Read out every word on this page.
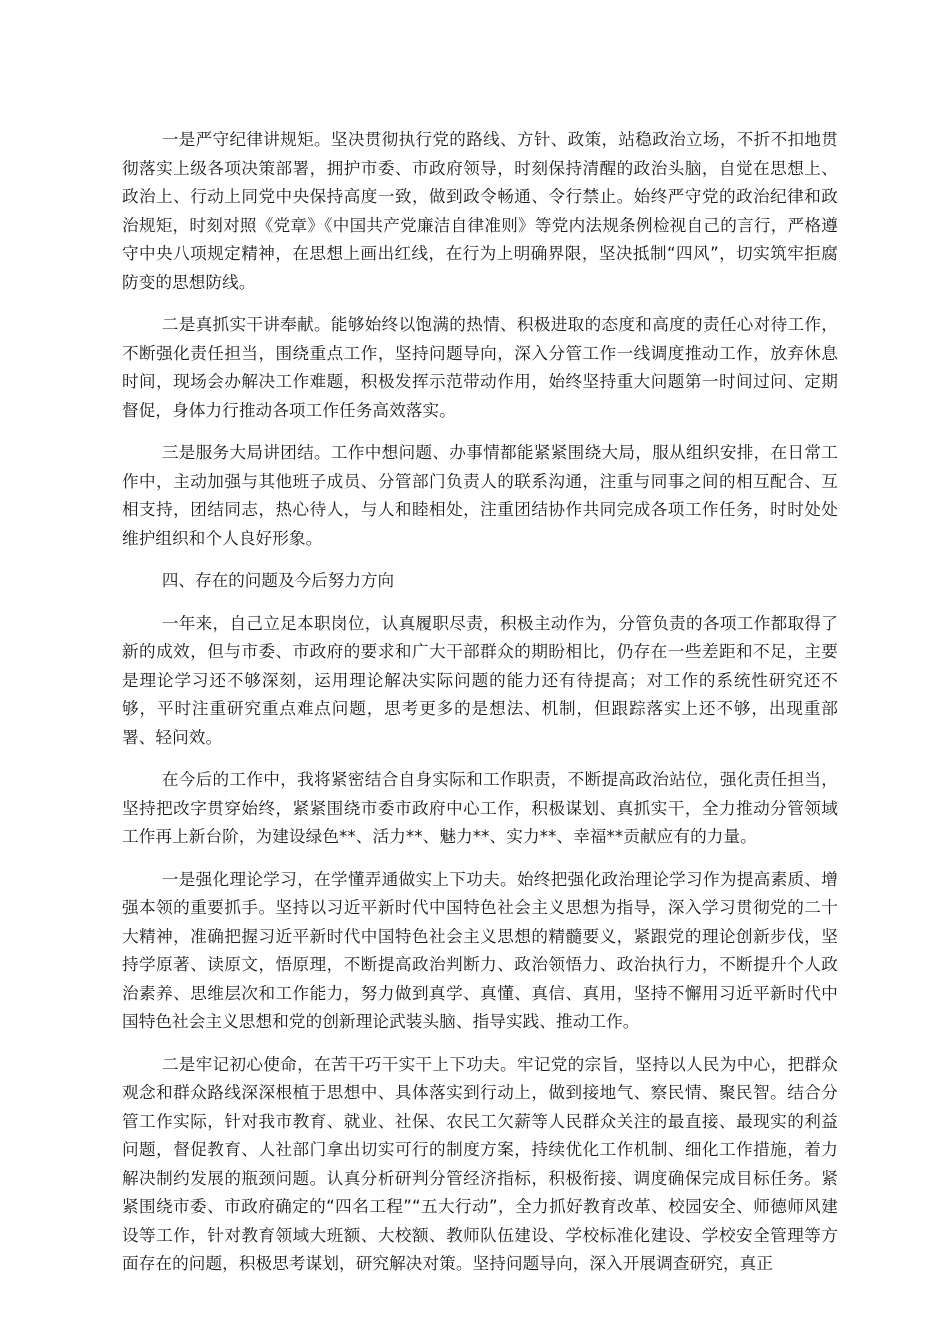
一是严守纪律讲规矩。坚决贯彻执行党的路线、方针、政策，站稳政治立场，不折不扣地贯彻落实上级各项决策部署，拥护市委、市政府领导，时刻保持清醒的政治头脑，自觉在思想上、政治上、行动上同党中央保持高度一致，做到政令畅通、令行禁止。始终严守党的政治纪律和政治规矩，时刻对照《党章》《中国共产党廉洁自律准则》等党内法规条例检视自己的言行，严格遵守中央八项规定精神，在思想上画出红线，在行为上明确界限，坚决抵制“四风”，切实筑牢拒腐防变的思想防线。

二是真抓实干讲奉献。能够始终以饱满的热情、积极进取的态度和高度的责任心对待工作，不断强化责任担当，围绕重点工作，坚持问题导向，深入分管工作一线调度推动工作，放弃休息时间，现场会办解决工作难题，积极发挥示范带动作用，始终坚持重大问题第一时间过问、定期督促，身体力行推动各项工作任务高效落实。

三是服务大局讲团结。工作中想问题、办事情都能紧紧围绕大局，服从组织安排，在日常工作中，主动加强与其他班子成员、分管部门负责人的联系沟通，注重与同事之间的相互配合、互相支持，团结同志，热心待人，与人和睦相处，注重团结协作共同完成各项工作任务，时时处处维护组织和个人良好形象。

四、存在的问题及今后努力方向

一年来，自己立足本职岗位，认真履职尽责，积极主动作为，分管负责的各项工作都取得了新的成效，但与市委、市政府的要求和广大干部群众的期盼相比，仍存在一些差距和不足，主要是理论学习还不够深刻，运用理论解决实际问题的能力还有待提高；对工作的系统性研究还不够，平时注重研究重点难点问题，思考更多的是想法、机制，但跟踪落实上还不够，出现重部署、轻问效。

在今后的工作中，我将紧密结合自身实际和工作职责，不断提高政治站位，强化责任担当，坚持把改字贯穿始终，紧紧围绕市委市政府中心工作，积极谋划、真抓实干，全力推动分管领域工作再上新台阶，为建设绿色**、活力**、魅力**、实力**、幸福**贡献应有的力量。

一是强化理论学习，在学懂弄通做实上下功夫。始终把强化政治理论学习作为提高素质、增强本领的重要抓手。坚持以习近平新时代中国特色社会主义思想为指导，深入学习贯彻党的二十大精神，准确把握习近平新时代中国特色社会主义思想的精髓要义，紧跟党的理论创新步伐，坚持学原著、读原文，悟原理，不断提高政治判断力、政治领悟力、政治执行力，不断提升个人政治素养、思维层次和工作能力，努力做到真学、真懂、真信、真用，坚持不懈用习近平新时代中国特色社会主义思想和党的创新理论武装头脑、指导实践、推动工作。

二是牢记初心使命，在苦干巧干实干上下功夫。牢记党的宗旨，坚持以人民为中心，把群众观念和群众路线深深根植于思想中、具体落实到行动上，做到接地气、察民情、聚民智。结合分管工作实际，针对我市教育、就业、社保、农民工欠薪等人民群众关注的最直接、最现实的利益问题，督促教育、人社部门拿出切实可行的制度方案，持续优化工作机制、细化工作措施，着力解决制约发展的瓶颈问题。认真分析研判分管经济指标，积极衔接、调度确保完成目标任务。紧紧围绕市委、市政府确定的“四名工程”“五大行动”，全力抓好教育改革、校园安全、师德师风建设等工作，针对教育领域大班额、大校额、教师队伍建设、学校标准化建设、学校安全管理等方面存在的问题，积极思考谋划，研究解决对策。坚持问题导向，深入开展调查研究，真正
